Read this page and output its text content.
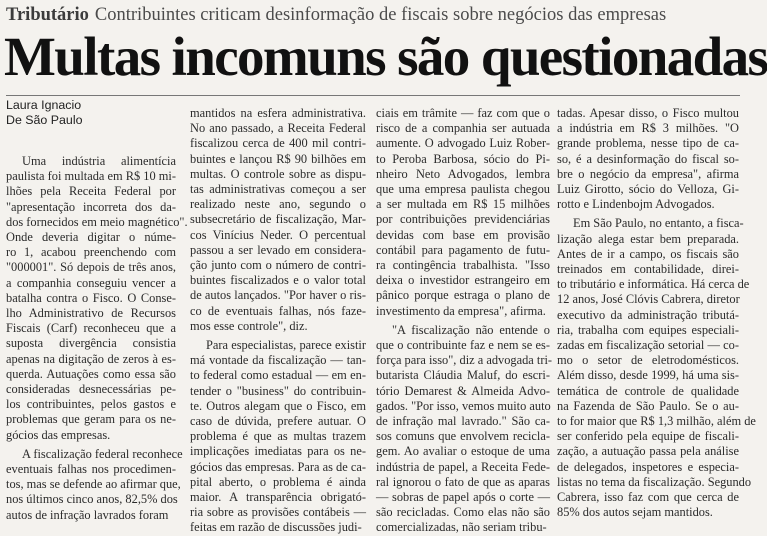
Tributário Contribuintes criticam desinformação de fiscais sobre negócios das empresas
Multas incomuns são questionadas
Laura Ignacio
De São Paulo
Uma indústria alimentícia
paulista foi multada em R$ 10 mi-
lhões pela Receita Federal por
"apresentação incorreta dos da-
dos fornecidos em meio magnético".
Onde deveria digitar o núme-
ro 1, acabou preenchendo com
"000001". Só depois de três anos,
a companhia conseguiu vencer a
batalha contra o Fisco. O Conse-
lho Administrativo de Recursos
Fiscais (Carf) reconheceu que a
suposta divergência consistia
apenas na digitação de zeros à es-
querda. Autuações como essa são
consideradas desnecessárias pe-
los contribuintes, pelos gastos e
problemas que geram para os ne-
gócios das empresas.
A fiscalização federal reconhece
eventuais falhas nos procedimen-
tos, mas se defende ao afirmar que,
nos últimos cinco anos, 82,5% dos
autos de infração lavrados foram
mantidos na esfera administrativa.
No ano passado, a Receita Federal
fiscalizou cerca de 400 mil contri-
buintes e lançou R$ 90 bilhões em
multas. O controle sobre as dispu-
tas administrativas começou a ser
realizado neste ano, segundo o
subsecretário de fiscalização, Mar-
cos Vinícius Neder. O percentual
passou a ser levado em considera-
ção junto com o número de contri-
buintes fiscalizados e o valor total
de autos lançados. "Por haver o ris-
co de eventuais falhas, nós faze-
mos esse controle", diz.
Para especialistas, parece existir
má vontade da fiscalização — tan-
to federal como estadual — em en-
tender o "business" do contribuin-
te. Outros alegam que o Fisco, em
caso de dúvida, prefere autuar. O
problema é que as multas trazem
implicações imediatas para os ne-
gócios das empresas. Para as de ca-
pital aberto, o problema é ainda
maior. A transparência obrigató-
ria sobre as provisões contábeis —
feitas em razão de discussões judi-
ciais em trâmite — faz com que o
risco de a companhia ser autuada
aumente. O advogado Luiz Rober-
to Peroba Barbosa, sócio do Pi-
nheiro Neto Advogados, lembra
que uma empresa paulista chegou
a ser multada em R$ 15 milhões
por contribuições previdenciárias
devidas com base em provisão
contábil para pagamento de futu-
ra contingência trabalhista. "Isso
deixa o investidor estrangeiro em
pânico porque estraga o plano de
investimento da empresa", afirma.
"A fiscalização não entende o
que o contribuinte faz e nem se es-
força para isso", diz a advogada tri-
butarista Cláudia Maluf, do escri-
tório Demarest & Almeida Advo-
gados. "Por isso, vemos muito auto
de infração mal lavrado." São ca-
sos comuns que envolvem recicla-
gem. Ao avaliar o estoque de uma
indústria de papel, a Receita Fede-
ral ignorou o fato de que as aparas
— sobras de papel após o corte —
são recicladas. Como elas não são
comercializadas, não seriam tribu-
tadas. Apesar disso, o Fisco multou
a indústria em R$ 3 milhões. "O
grande problema, nesse tipo de ca-
so, é a desinformação do fiscal so-
bre o negócio da empresa", afirma
Luiz Girotto, sócio do Velloza, Gi-
rotto e Lindenbojm Advogados.
Em São Paulo, no entanto, a fisca-
lização alega estar bem preparada.
Antes de ir a campo, os fiscais são
treinados em contabilidade, direi-
to tributário e informática. Há cerca de
12 anos, José Clóvis Cabrera, diretor
executivo da administração tributá-
ria, trabalha com equipes especiali-
zadas em fiscalização setorial — co-
mo o setor de eletrodomésticos.
Além disso, desde 1999, há uma sis-
temática de controle de qualidade
na Fazenda de São Paulo. Se o au-
to for maior que R$ 1,3 milhão, além de
ser conferido pela equipe de fiscali-
zação, a autuação passa pela análise
de delegados, inspetores e especia-
listas no tema da fiscalização. Segundo
Cabrera, isso faz com que cerca de
85% dos autos sejam mantidos.
